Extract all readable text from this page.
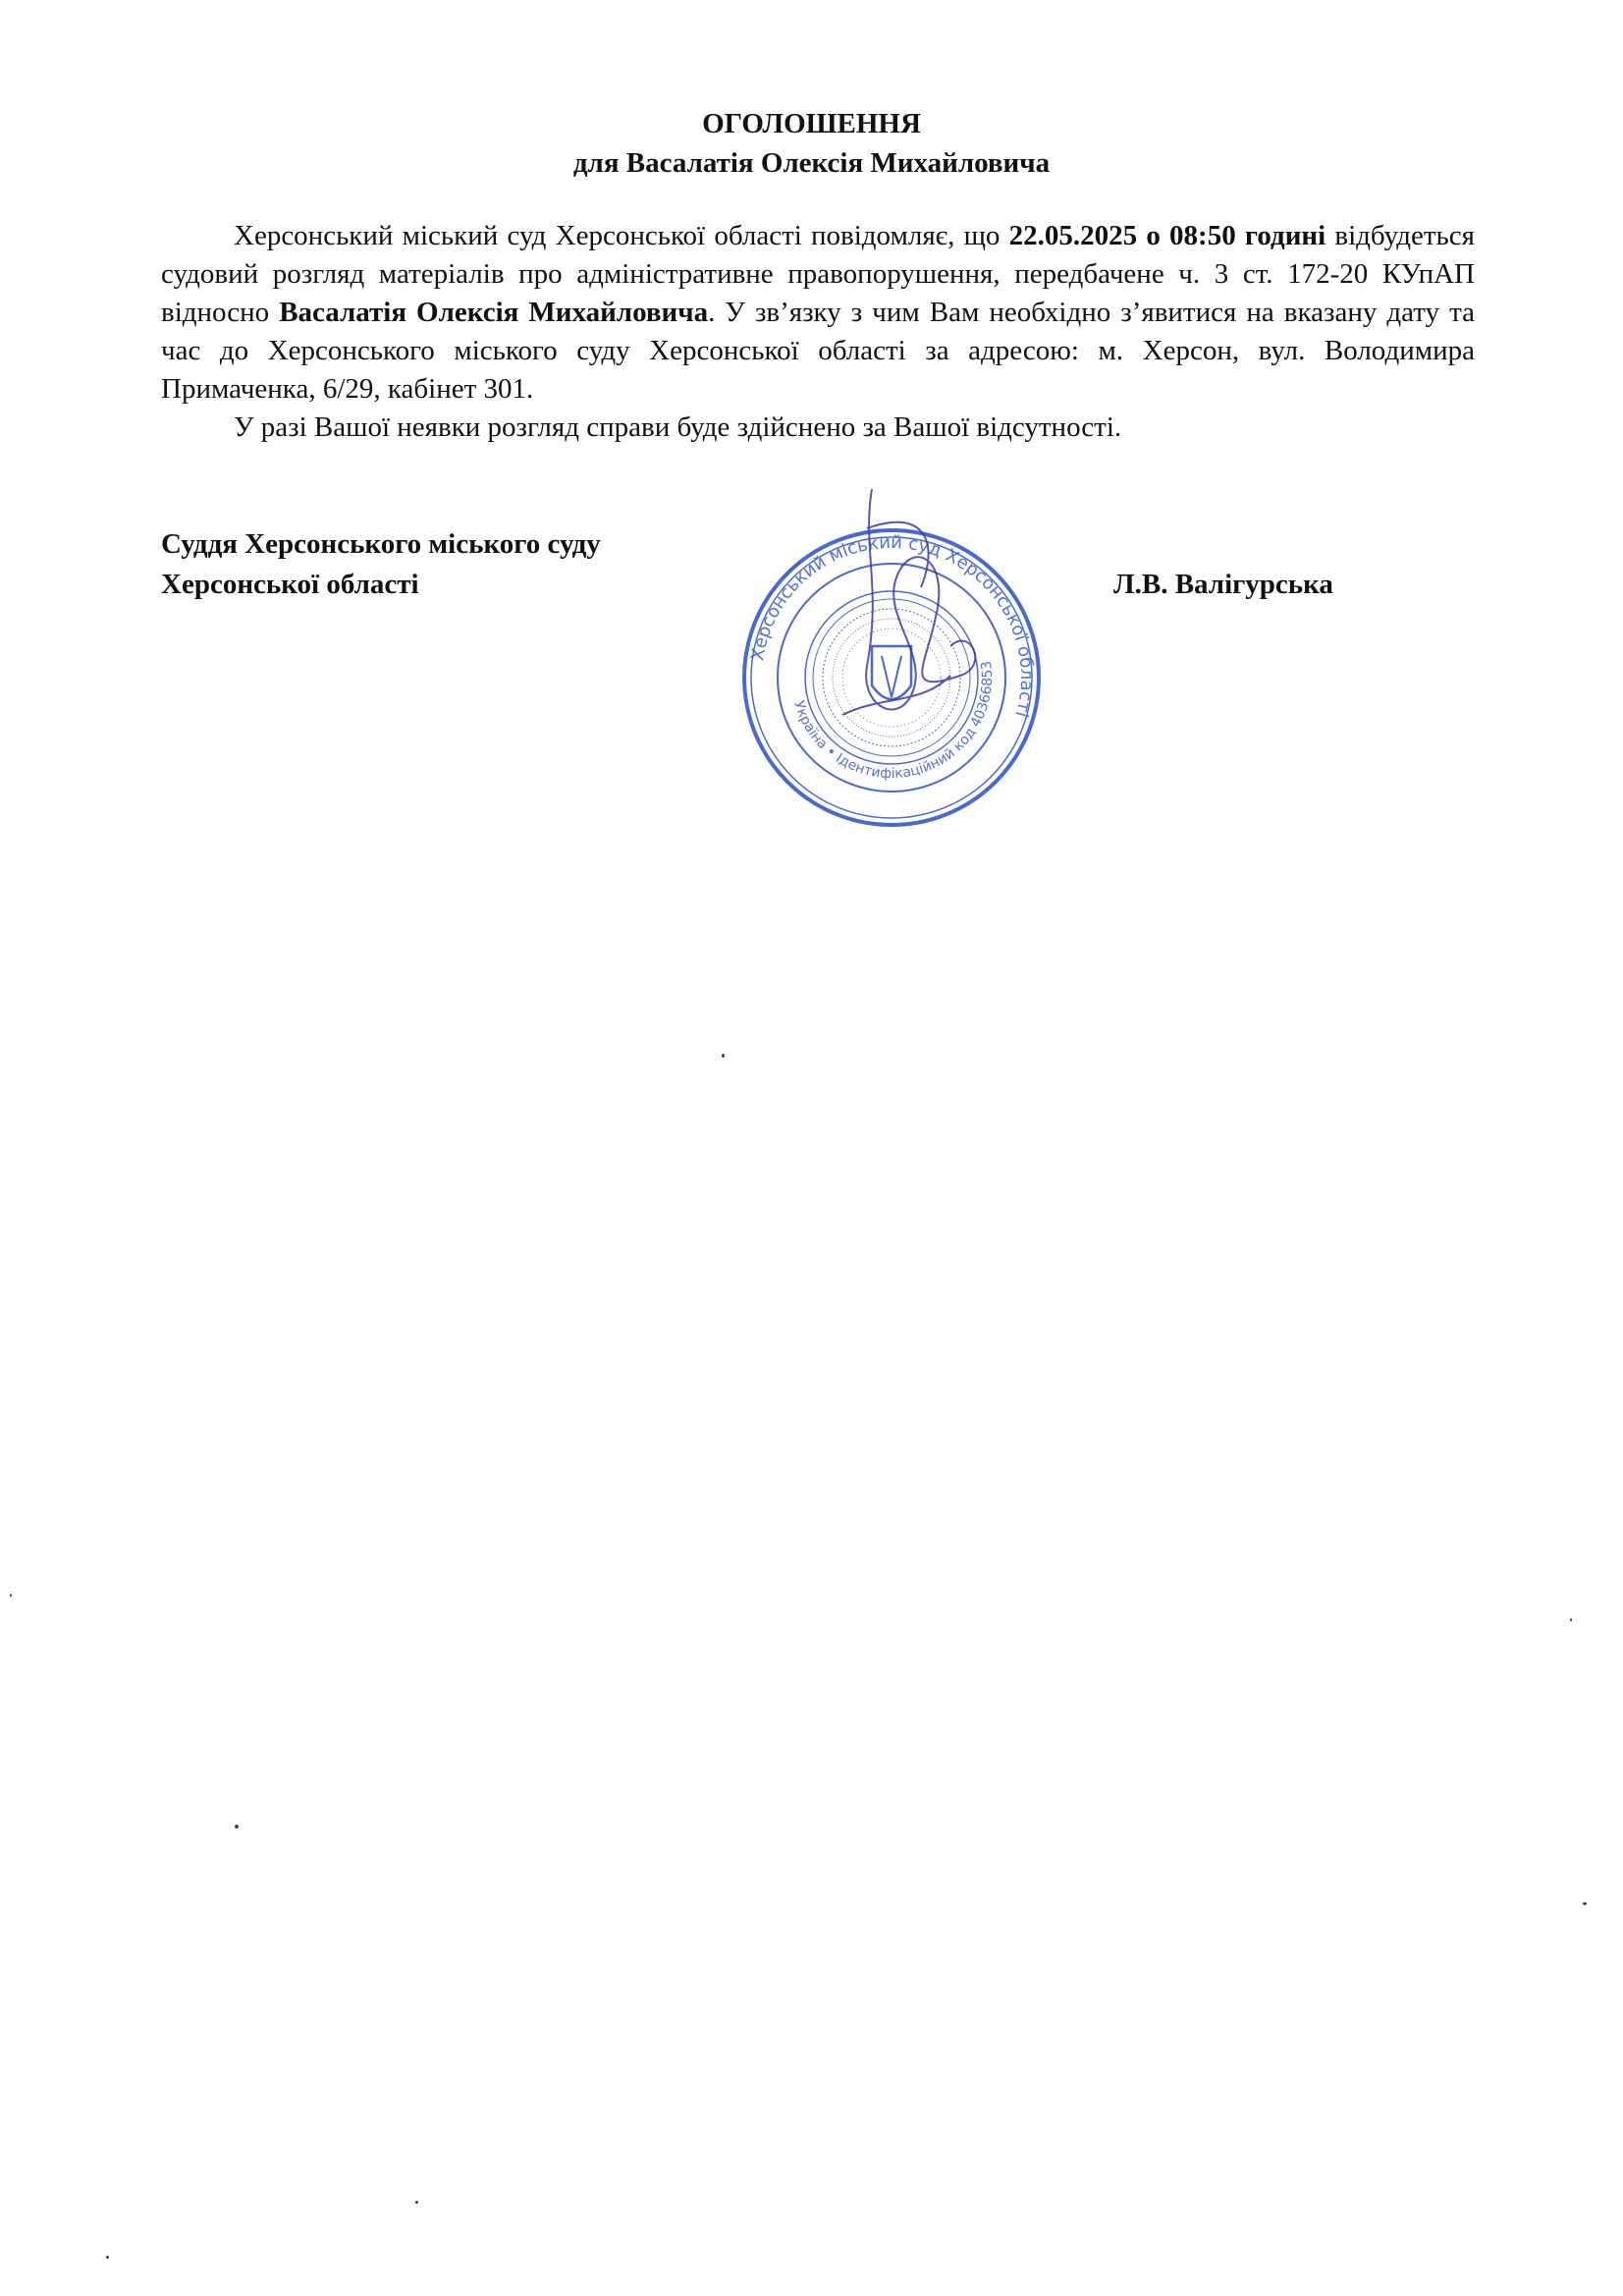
ОГОЛОШЕННЯ
для Васалатія Олексія Михайловича

Херсонський міський суд Херсонської області повідомляє, що 22.05.2025 о 08:50 годині відбудеться судовий розгляд матеріалів про адміністративне правопорушення, передбачене ч. 3 ст. 172-20 КУпАП відносно Васалатія Олексія Михайловича. У зв’язку з чим Вам необхідно з’явитися на вказану дату та час до Херсонського міського суду Херсонської області за адресою: м. Херсон, вул. Володимира Примаченка, 6/29, кабінет 301.

У разі Вашої неявки розгляд справи буде здійснено за Вашої відсутності.

Суддя Херсонського міського суду
Херсонської області	Л.В. Валігурська
Херсонський міський суд Херсонської області
Україна • Ідентифікаційний код 40366853
